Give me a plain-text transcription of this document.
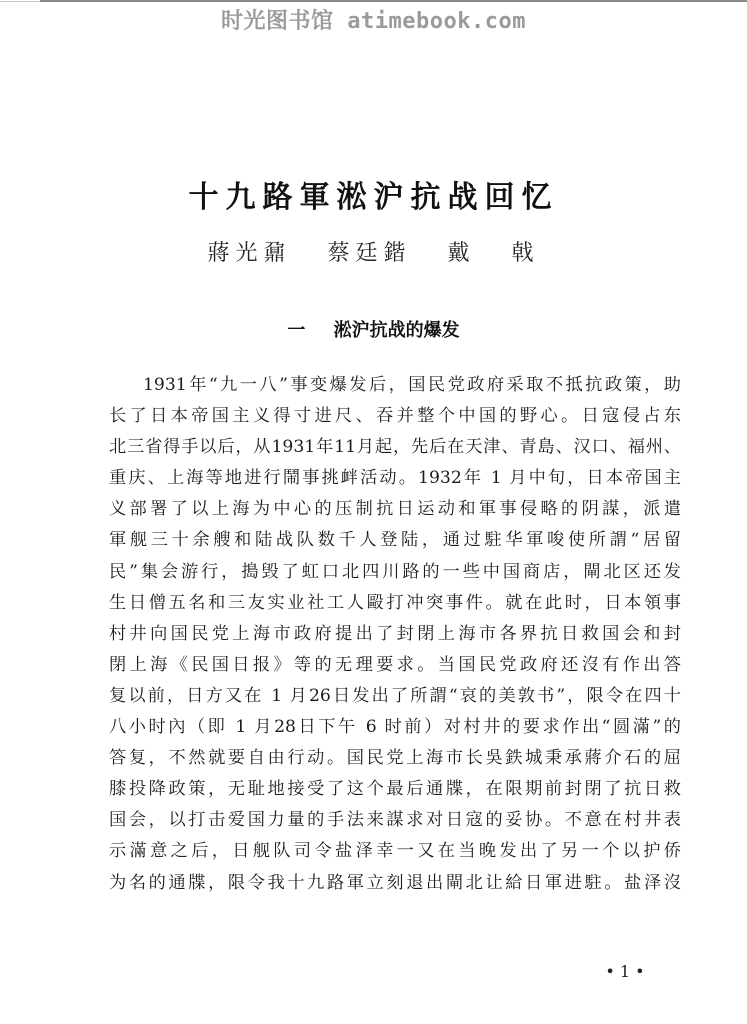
时光图书馆 atimebook.com
十九路軍淞沪抗战回忆
蔣光鼐 蔡廷鍇 戴 戟
一 淞沪抗战的爆发
1931年“九一八”事变爆发后，国民党政府采取不抵抗政策，助
长了日本帝国主义得寸进尺、吞并整个中国的野心。日寇侵占东
北三省得手以后，从1931年11月起，先后在天津、青島、汉口、福州、
重庆、上海等地进行鬧事挑衅活动。1932年 1 月中旬，日本帝国主
义部署了以上海为中心的压制抗日运动和軍事侵略的阴謀，派遣
軍舰三十余艘和陆战队数千人登陆，通过駐华軍唆使所謂“居留
民”集会游行，搗毁了虹口北四川路的一些中国商店，閘北区还发
生日僧五名和三友实业社工人毆打冲突事件。就在此时，日本領事
村井向国民党上海市政府提出了封閉上海市各界抗日救国会和封
閉上海《民国日报》等的无理要求。当国民党政府还沒有作出答
复以前，日方又在 1 月26日发出了所謂“哀的美敦书”，限令在四十
八小时內（即 1 月28日下午 6 时前）对村井的要求作出“圆滿”的
答复，不然就要自由行动。国民党上海市长吳鉄城秉承蔣介石的屈
膝投降政策，无耻地接受了这个最后通牒，在限期前封閉了抗日救
国会，以打击爱国力量的手法来謀求对日寇的妥协。不意在村井表
示滿意之后，日舰队司令盐泽幸一又在当晚发出了另一个以护侨
为名的通牒，限令我十九路軍立刻退出閘北让給日軍进駐。盐泽沒
• 1 •
